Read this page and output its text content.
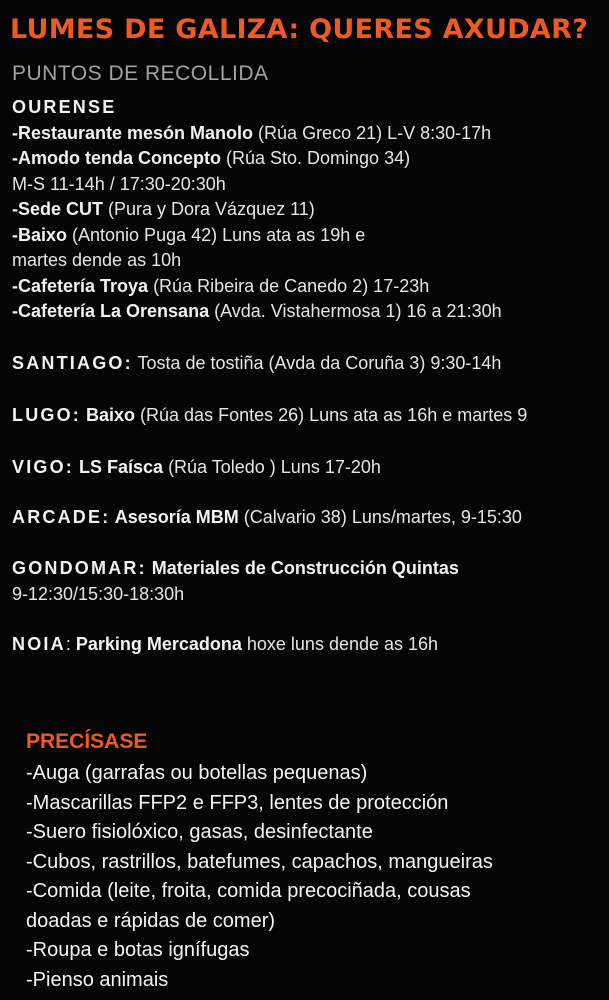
LUMES DE GALIZA: QUERES AXUDAR?
PUNTOS DE RECOLLIDA
OURENSE
-Restaurante mesón Manolo (Rúa Greco 21) L-V 8:30-17h
-Amodo tenda Concepto (Rúa Sto. Domingo 34)
M-S 11-14h / 17:30-20:30h
-Sede CUT (Pura y Dora Vázquez 11)
-Baixo (Antonio Puga 42) Luns ata as 19h e
martes dende as 10h
-Cafetería Troya (Rúa Ribeira de Canedo 2) 17-23h
-Cafetería La Orensana (Avda. Vistahermosa 1) 16 a 21:30h
SANTIAGO: Tosta de tostiña (Avda da Coruña 3) 9:30-14h
LUGO: Baixo (Rúa das Fontes 26) Luns ata as 16h e martes 9
VIGO: LS Faísca (Rúa Toledo ) Luns 17-20h
ARCADE: Asesoría MBM (Calvario 38) Luns/martes, 9-15:30
GONDOMAR: Materiales de Construcción Quintas
9-12:30/15:30-18:30h
NOIA: Parking Mercadona hoxe luns dende as 16h
PRECÍSASE
-Auga (garrafas ou botellas pequenas)
-Mascarillas FFP2 e FFP3, lentes de protección
-Suero fisiolóxico, gasas, desinfectante
-Cubos, rastrillos, batefumes, capachos, mangueiras
-Comida (leite, froita, comida precociñada, cousas
doadas e rápidas de comer)
-Roupa e botas ignífugas
-Pienso animais
